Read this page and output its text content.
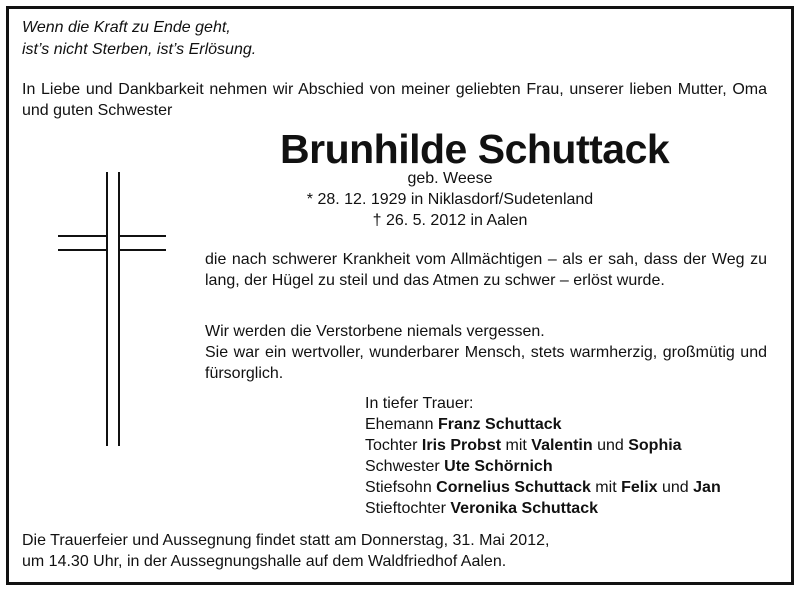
Wenn die Kraft zu Ende geht,
ist’s nicht Sterben, ist’s Erlösung.
In Liebe und Dankbarkeit nehmen wir Abschied von meiner geliebten Frau, unserer lieben Mutter, Oma und guten Schwester
Brunhilde Schuttack
geb. Weese
* 28. 12. 1929 in Niklasdorf/Sudetenland
† 26. 5. 2012 in Aalen
die nach schwerer Krankheit vom Allmächtigen – als er sah, dass der Weg zu lang, der Hügel zu steil und das Atmen zu schwer – erlöst wurde.
Wir werden die Verstorbene niemals vergessen.
Sie war ein wertvoller, wunderbarer Mensch, stets warmherzig, großmütig und fürsorglich.
In tiefer Trauer:
Ehemann Franz Schuttack
Tochter Iris Probst mit Valentin und Sophia
Schwester Ute Schörnich
Stiefsohn Cornelius Schuttack mit Felix und Jan
Stieftochter Veronika Schuttack
Die Trauerfeier und Aussegnung findet statt am Donnerstag, 31. Mai 2012,
um 14.30 Uhr, in der Aussegnungshalle auf dem Waldfriedhof Aalen.
